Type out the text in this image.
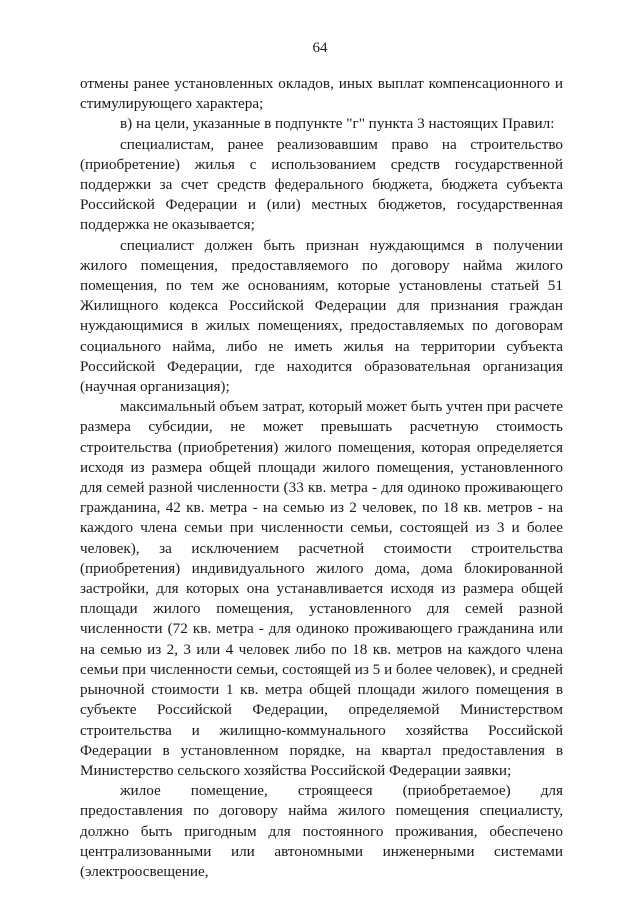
64

отмены ранее установленных окладов, иных выплат компенсационного и стимулирующего характера;

в) на цели, указанные в подпункте "г" пункта 3 настоящих Правил:

специалистам, ранее реализовавшим право на строительство (приобретение) жилья с использованием средств государственной поддержки за счет средств федерального бюджета, бюджета субъекта Российской Федерации и (или) местных бюджетов, государственная поддержка не оказывается;

специалист должен быть признан нуждающимся в получении жилого помещения, предоставляемого по договору найма жилого помещения, по тем же основаниям, которые установлены статьей 51 Жилищного кодекса Российской Федерации для признания граждан нуждающимися в жилых помещениях, предоставляемых по договорам социального найма, либо не иметь жилья на территории субъекта Российской Федерации, где находится образовательная организация (научная организация);

максимальный объем затрат, который может быть учтен при расчете размера субсидии, не может превышать расчетную стоимость строительства (приобретения) жилого помещения, которая определяется исходя из размера общей площади жилого помещения, установленного для семей разной численности (33 кв. метра - для одиноко проживающего гражданина, 42 кв. метра - на семью из 2 человек, по 18 кв. метров - на каждого члена семьи при численности семьи, состоящей из 3 и более человек), за исключением расчетной стоимости строительства (приобретения) индивидуального жилого дома, дома блокированной застройки, для которых она устанавливается исходя из размера общей площади жилого помещения, установленного для семей разной численности (72 кв. метра - для одиноко проживающего гражданина или на семью из 2, 3 или 4 человек либо по 18 кв. метров на каждого члена семьи при численности семьи, состоящей из 5 и более человек), и средней рыночной стоимости 1 кв. метра общей площади жилого помещения в субъекте Российской Федерации, определяемой Министерством строительства и жилищно-коммунального хозяйства Российской Федерации в установленном порядке, на квартал предоставления в Министерство сельского хозяйства Российской Федерации заявки;

жилое помещение, строящееся (приобретаемое) для предоставления по договору найма жилого помещения специалисту, должно быть пригодным для постоянного проживания, обеспечено централизованными или автономными инженерными системами (электроосвещение,
